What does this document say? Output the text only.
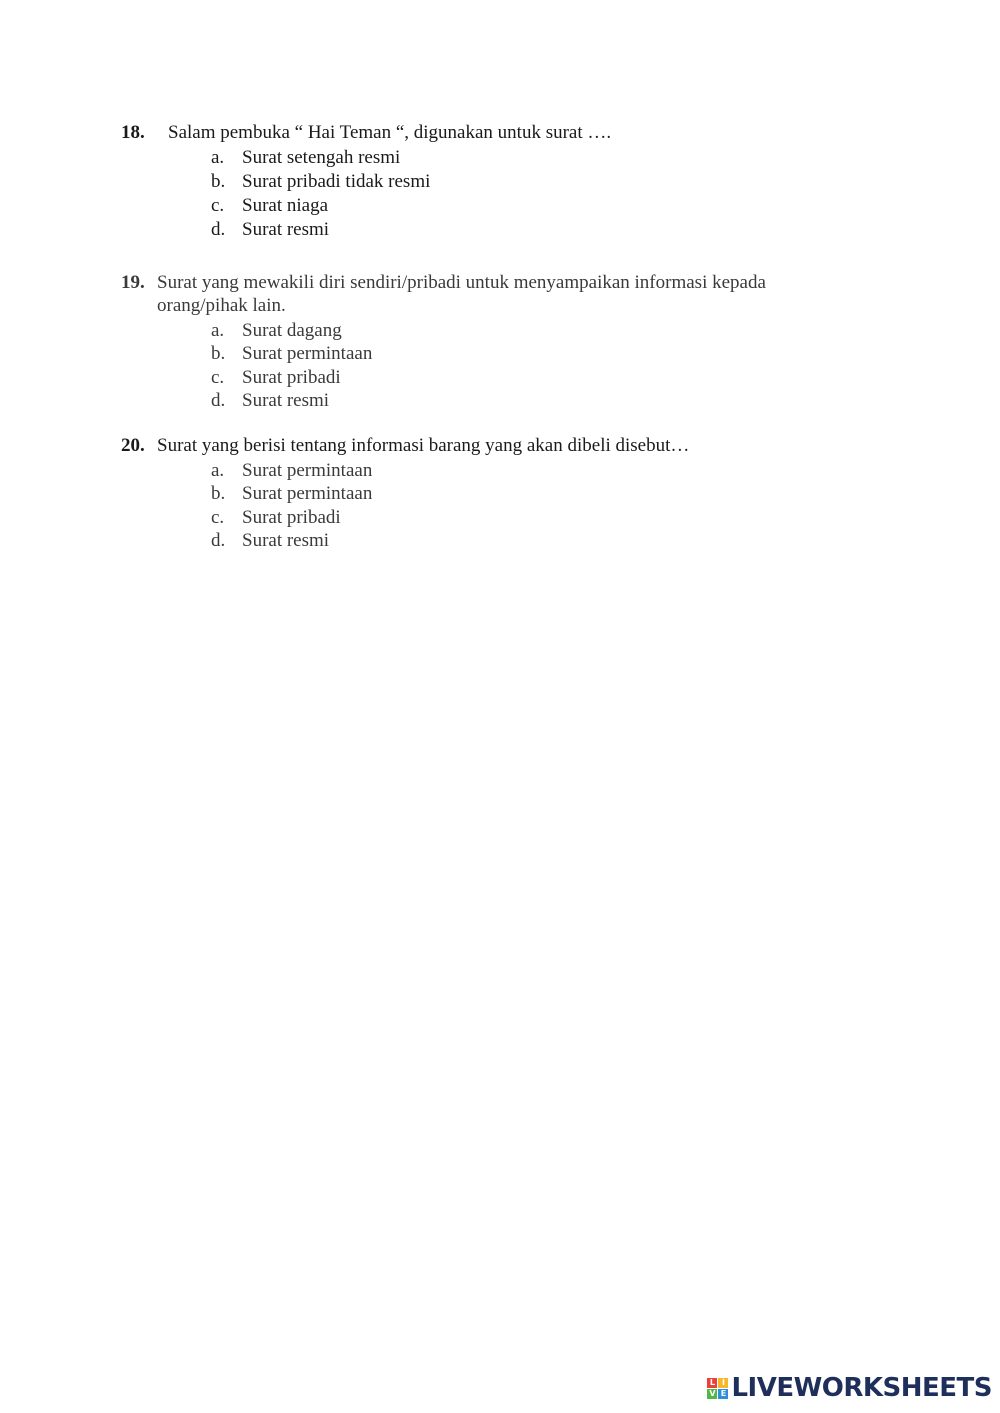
18. Salam pembuka “ Hai Teman “, digunakan untuk surat ….
a. Surat setengah resmi
b. Surat pribadi tidak resmi
c. Surat niaga
d. Surat resmi
19. Surat yang mewakili diri sendiri/pribadi untuk menyampaikan informasi kepada orang/pihak lain.
a. Surat dagang
b. Surat permintaan
c. Surat pribadi
d. Surat resmi
20. Surat yang berisi tentang informasi barang yang akan dibeli disebut…
a. Surat permintaan
b. Surat permintaan
c. Surat pribadi
d. Surat resmi
L I
V E LIVEWORKSHEETS
